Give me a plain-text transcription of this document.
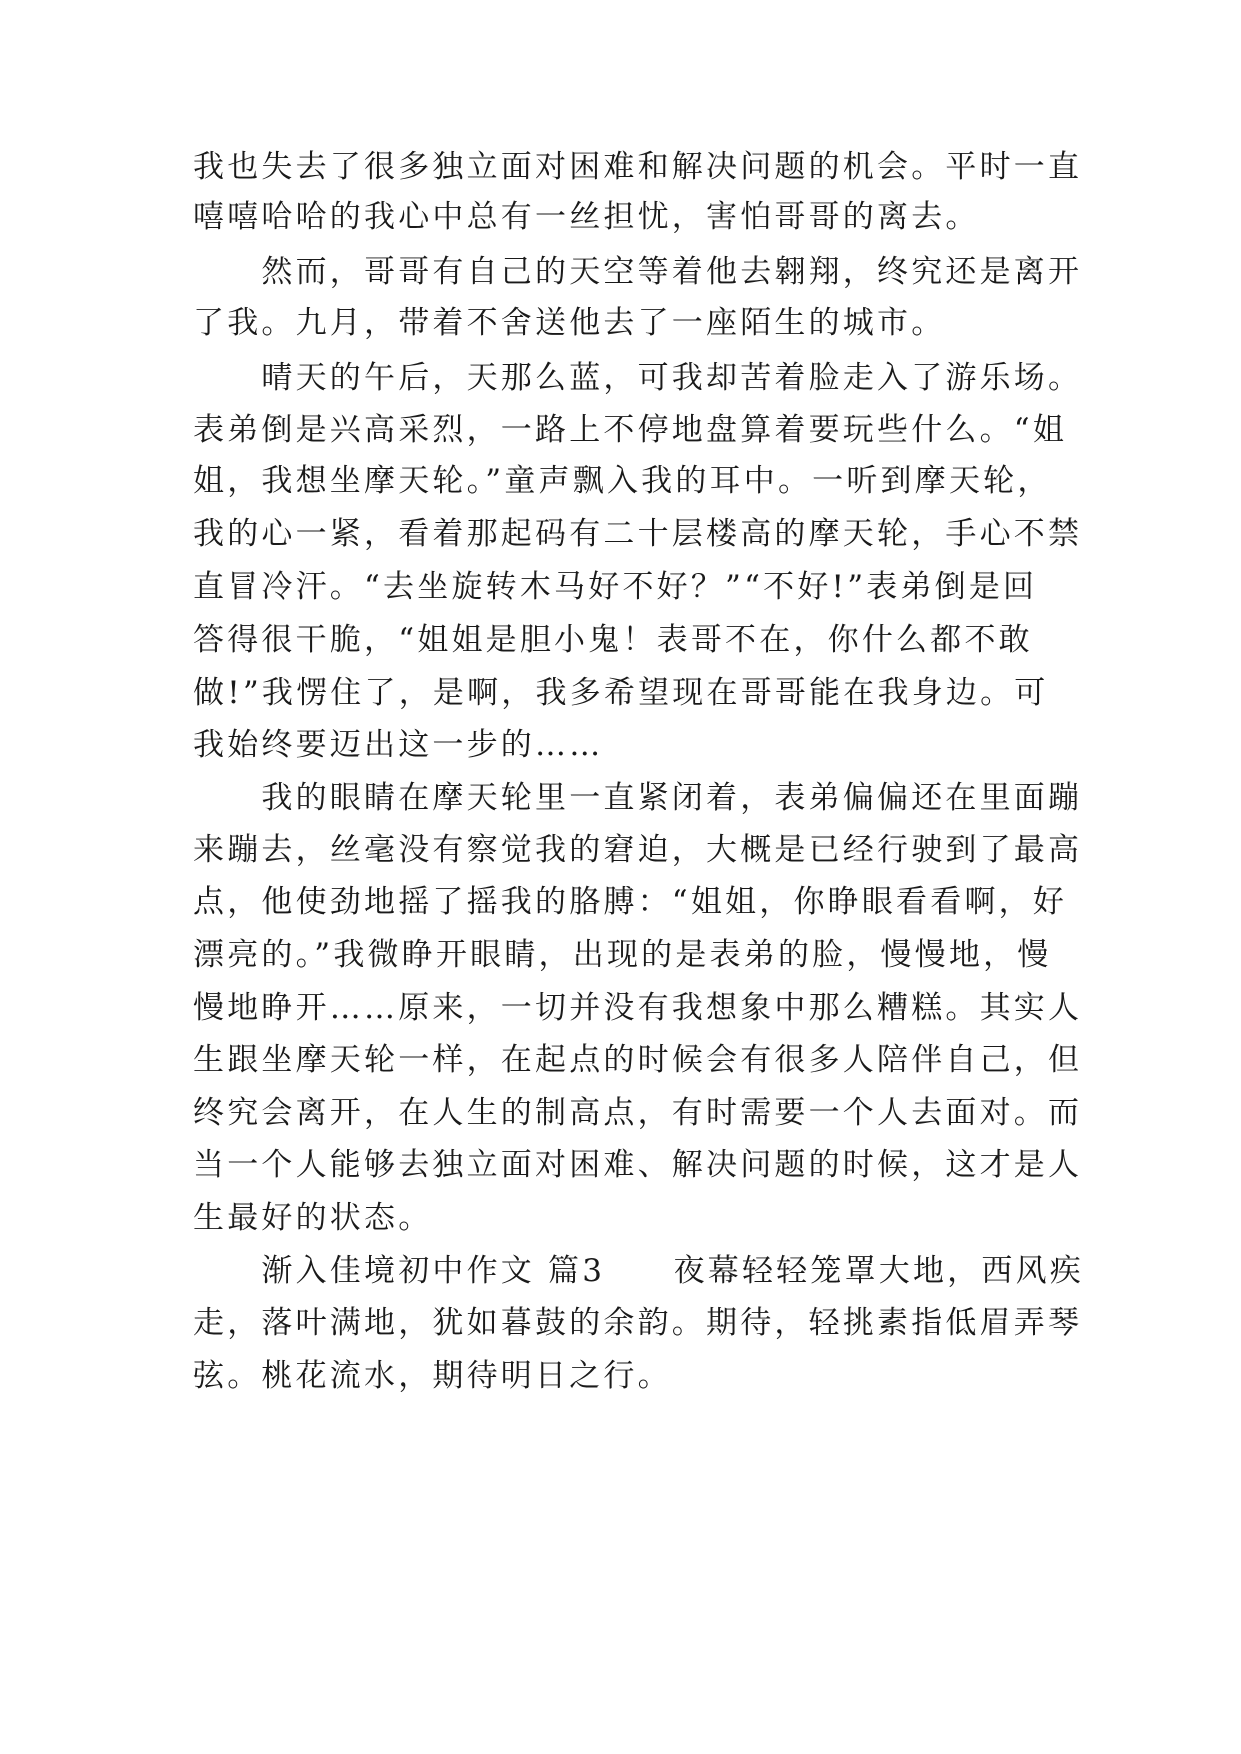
我也失去了很多独立面对困难和解决问题的机会。平时一直
嘻嘻哈哈的我心中总有一丝担忧，害怕哥哥的离去。
　　然而，哥哥有自己的天空等着他去翱翔，终究还是离开
了我。九月，带着不舍送他去了一座陌生的城市。
　　晴天的午后，天那么蓝，可我却苦着脸走入了游乐场。
表弟倒是兴高采烈，一路上不停地盘算着要玩些什么。“姐
姐，我想坐摩天轮。”童声飘入我的耳中。一听到摩天轮，
我的心一紧，看着那起码有二十层楼高的摩天轮，手心不禁
直冒冷汗。“去坐旋转木马好不好？”“不好!”表弟倒是回
答得很干脆，“姐姐是胆小鬼！表哥不在，你什么都不敢
做!”我愣住了，是啊，我多希望现在哥哥能在我身边。可
我始终要迈出这一步的……
　　我的眼睛在摩天轮里一直紧闭着，表弟偏偏还在里面蹦
来蹦去，丝毫没有察觉我的窘迫，大概是已经行驶到了最高
点，他使劲地摇了摇我的胳膊：“姐姐，你睁眼看看啊，好
漂亮的。”我微睁开眼睛，出现的是表弟的脸，慢慢地，慢
慢地睁开……原来，一切并没有我想象中那么糟糕。其实人
生跟坐摩天轮一样，在起点的时候会有很多人陪伴自己，但
终究会离开，在人生的制高点，有时需要一个人去面对。而
当一个人能够去独立面对困难、解决问题的时候，这才是人
生最好的状态。
　　渐入佳境初中作文 篇3　　夜幕轻轻笼罩大地，西风疾
走，落叶满地，犹如暮鼓的余韵。期待，轻挑素指低眉弄琴
弦。桃花流水，期待明日之行。
